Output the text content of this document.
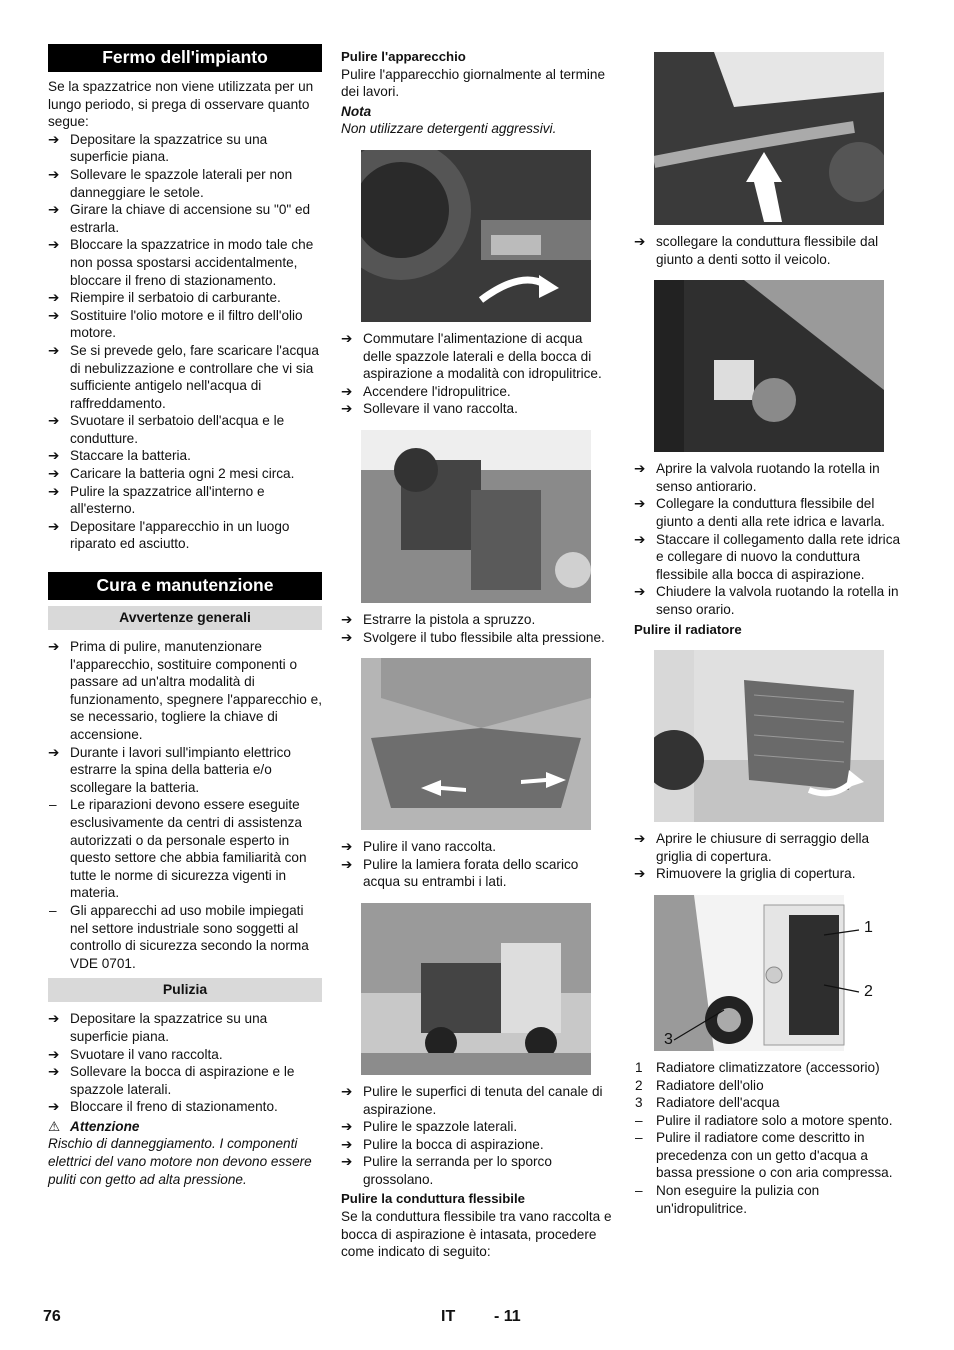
Fermo dell'impianto
Se la spazzatrice non viene utilizzata per un lungo periodo, si prega di osservare quanto segue:
➔ Depositare la spazzatrice su una superficie piana.
➔ Sollevare le spazzole laterali per non danneggiare le setole.
➔ Girare la chiave di accensione su "0" ed estrarla.
➔ Bloccare la spazzatrice in modo tale che non possa spostarsi accidentalmente, bloccare il freno di stazionamento.
➔ Riempire il serbatoio di carburante.
➔ Sostituire l'olio motore e il filtro dell'olio motore.
➔ Se si prevede gelo, fare scaricare l'acqua di nebulizzazione e controllare che vi sia sufficiente antigelo nell'acqua di raffreddamento.
➔ Svuotare il serbatoio dell'acqua e le condutture.
➔ Staccare la batteria.
➔ Caricare la batteria ogni 2 mesi circa.
➔ Pulire la spazzatrice all'interno e all'esterno.
➔ Depositare l'apparecchio in un luogo riparato ed asciutto.
Cura e manutenzione
Avvertenze generali
➔ Prima di pulire, manutenzionare l'apparecchio, sostituire componenti o passare ad un'altra modalità di funzionamento, spegnere l'apparecchio e, se necessario, togliere la chiave di accensione.
➔ Durante i lavori sull'impianto elettrico estrarre la spina della batteria e/o scollegare la batteria.
– Le riparazioni devono essere eseguite esclusivamente da centri di assistenza autorizzati o da personale esperto in questo settore che abbia familiarità con tutte le norme di sicurezza vigenti in materia.
– Gli apparecchi ad uso mobile impiegati nel settore industriale sono soggetti al controllo di sicurezza secondo la norma VDE 0701.
Pulizia
➔ Depositare la spazzatrice su una superficie piana.
➔ Svuotare il vano raccolta.
➔ Sollevare la bocca di aspirazione e le spazzole laterali.
➔ Bloccare il freno di stazionamento.
⚠ Attenzione
Rischio di danneggiamento. I componenti elettrici del vano motore non devono essere puliti con getto ad alta pressione.
Pulire l'apparecchio
Pulire l'apparecchio giornalmente al termine dei lavori.
Nota
Non utilizzare detergenti aggressivi.
➔ Commutare l'alimentazione di acqua delle spazzole laterali e della bocca di aspirazione a modalità con idropulitrice.
➔ Accendere l'idropulitrice.
➔ Sollevare il vano raccolta.
➔ Estrarre la pistola a spruzzo.
➔ Svolgere il tubo flessibile alta pressione.
➔ Pulire il vano raccolta.
➔ Pulire la lamiera forata dello scarico acqua su entrambi i lati.
➔ Pulire le superfici di tenuta del canale di aspirazione.
➔ Pulire le spazzole laterali.
➔ Pulire la bocca di aspirazione.
➔ Pulire la serranda per lo sporco grossolano.
Pulire la conduttura flessibile
Se la conduttura flessibile tra vano raccolta e bocca di aspirazione è intasata, procedere come indicato di seguito:
➔ scollegare la conduttura flessibile dal giunto a denti sotto il veicolo.
➔ Aprire la valvola ruotando la rotella in senso antiorario.
➔ Collegare la conduttura flessibile del giunto a denti alla rete idrica e lavarla.
➔ Staccare il collegamento dalla rete idrica e collegare di nuovo la conduttura flessibile alla bocca di aspirazione.
➔ Chiudere la valvola ruotando la rotella in senso orario.
Pulire il radiatore
➔ Aprire le chiusure di serraggio della griglia di copertura.
➔ Rimuovere la griglia di copertura.
1
2
3
1 Radiatore climatizzatore (accessorio)
2 Radiatore dell'olio
3 Radiatore dell'acqua
– Pulire il radiatore solo a motore spento.
– Pulire il radiatore come descritto in precedenza con un getto d'acqua a bassa pressione o con aria compressa.
– Non eseguire la pulizia con un'idropulitrice.
76	IT - 11
